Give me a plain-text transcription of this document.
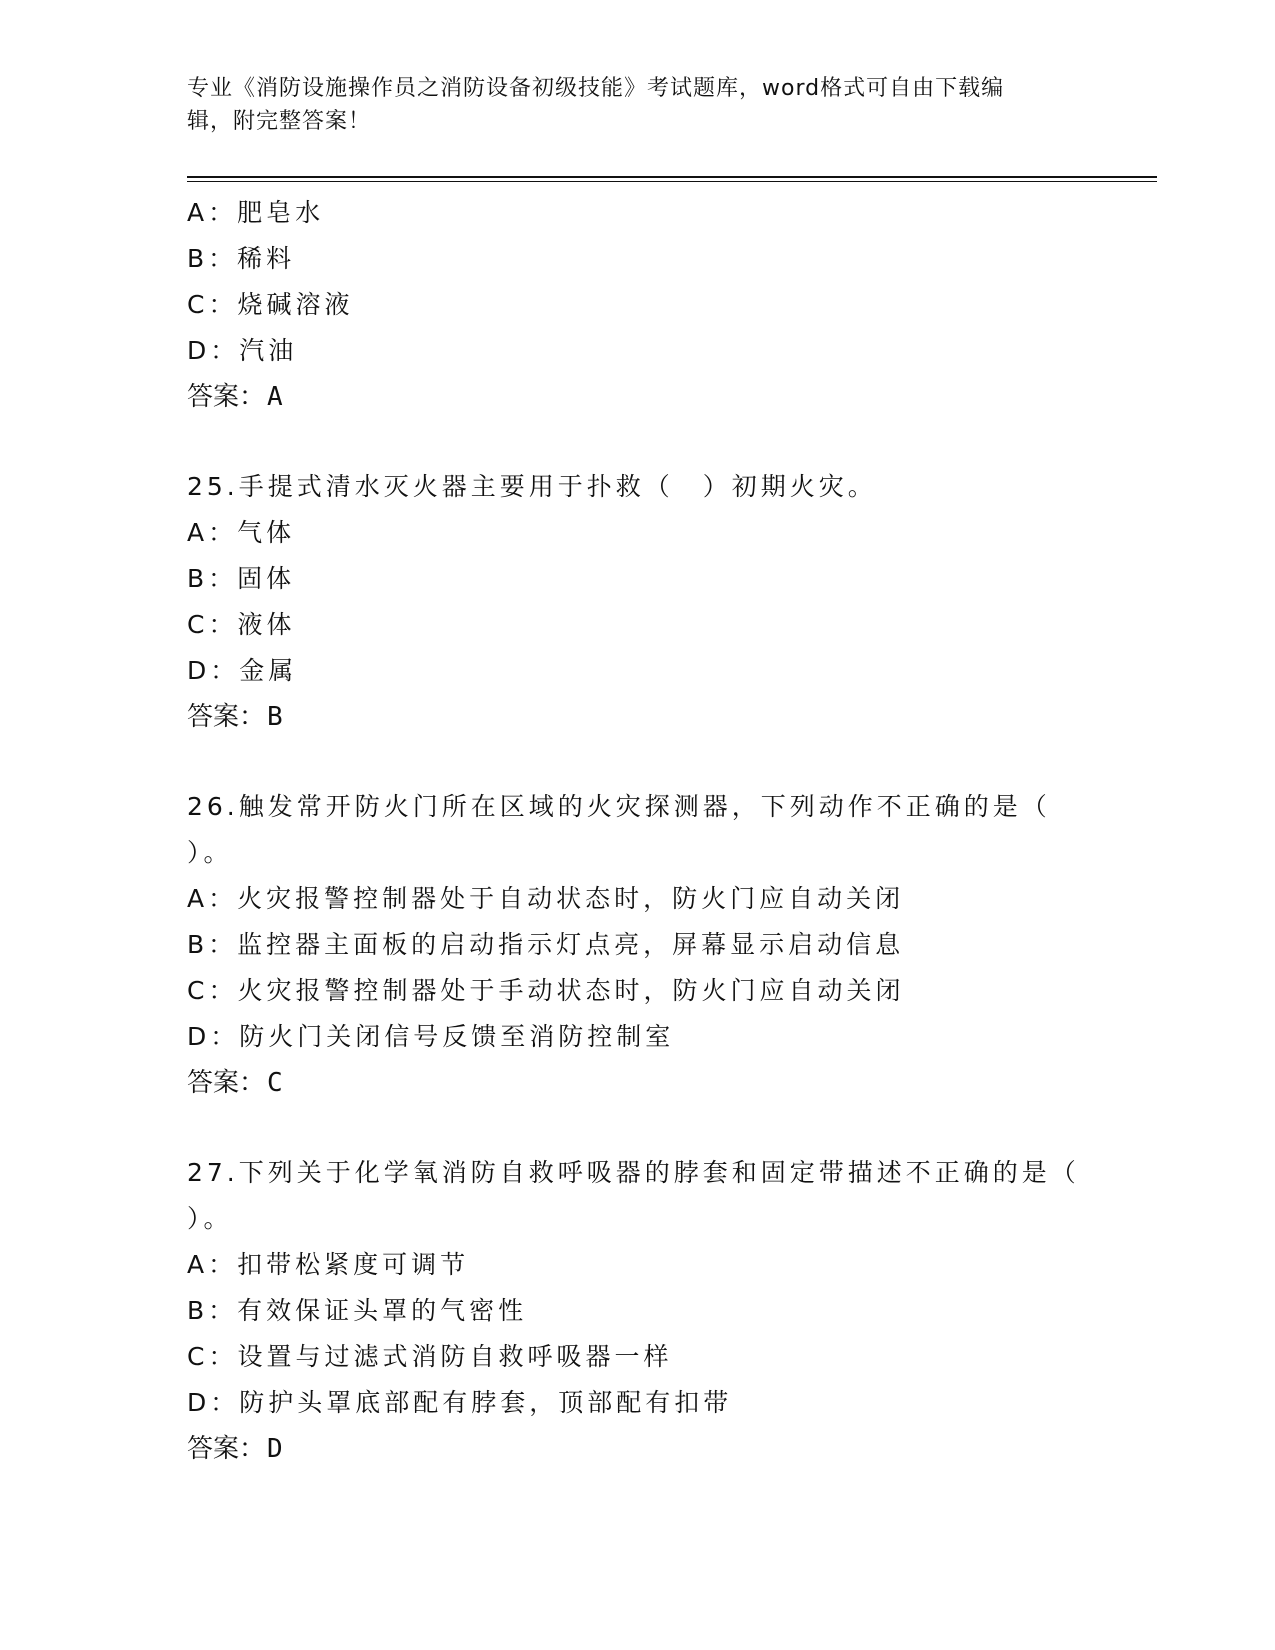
专业《消防设施操作员之消防设备初级技能》考试题库，word格式可自由下载编
辑，附完整答案！
A：肥皂水
B：稀料
C：烧碱溶液
D：汽油
答案：A
25.手提式清水灭火器主要用于扑救（　）初期火灾。
A：气体
B：固体
C：液体
D：金属
答案：B
26.触发常开防火门所在区域的火灾探测器，下列动作不正确的是（
）。
A：火灾报警控制器处于自动状态时，防火门应自动关闭
B：监控器主面板的启动指示灯点亮，屏幕显示启动信息
C：火灾报警控制器处于手动状态时，防火门应自动关闭
D：防火门关闭信号反馈至消防控制室
答案：C
27.下列关于化学氧消防自救呼吸器的脖套和固定带描述不正确的是（
）。
A：扣带松紧度可调节
B：有效保证头罩的气密性
C：设置与过滤式消防自救呼吸器一样
D：防护头罩底部配有脖套，顶部配有扣带
答案：D
